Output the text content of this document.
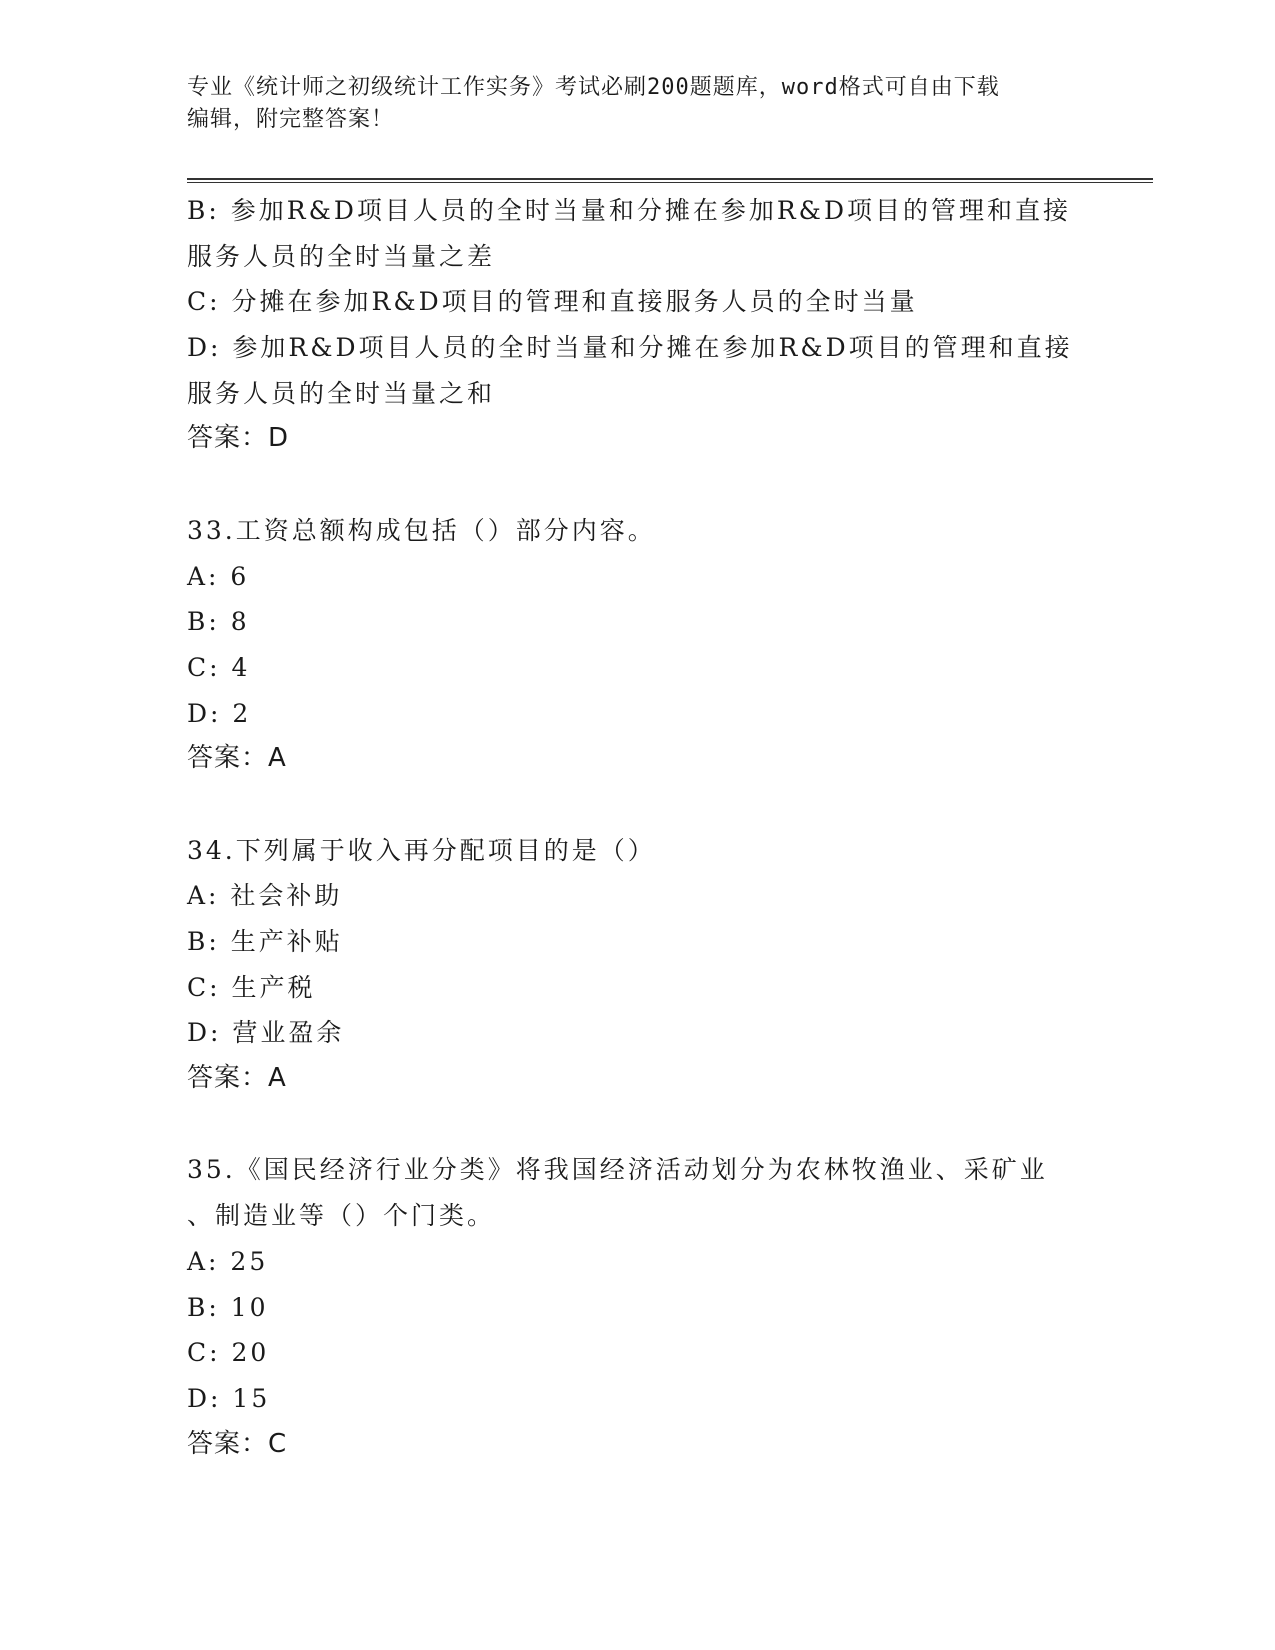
专业《统计师之初级统计工作实务》考试必刷200题题库，word格式可自由下载

编辑，附完整答案！

B: 参加R&D项目人员的全时当量和分摊在参加R&D项目的管理和直接
服务人员的全时当量之差
C: 分摊在参加R&D项目的管理和直接服务人员的全时当量
D: 参加R&D项目人员的全时当量和分摊在参加R&D项目的管理和直接
服务人员的全时当量之和
答案：D
33.工资总额构成包括（）部分内容。
A: 6
B: 8
C: 4
D: 2
答案：A
34.下列属于收入再分配项目的是（）
A: 社会补助
B: 生产补贴
C: 生产税
D: 营业盈余
答案：A
35.《国民经济行业分类》将我国经济活动划分为农林牧渔业、采矿业
、制造业等（）个门类。
A: 25
B: 10
C: 20
D: 15
答案：C
